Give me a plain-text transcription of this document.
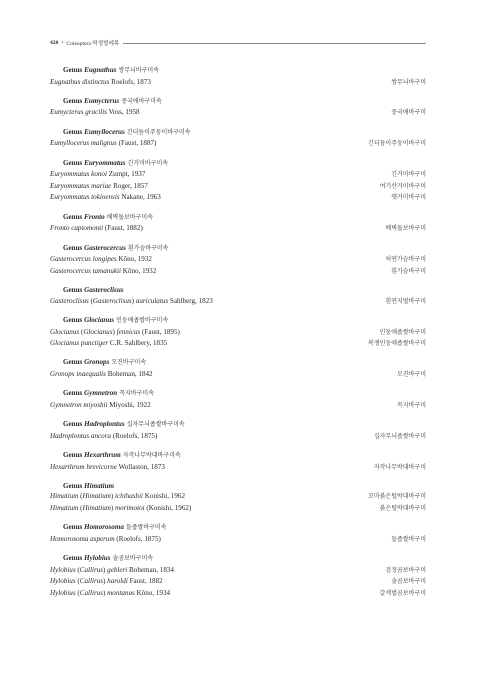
420 • Coleoptera 딱정벌레목
Genus Eugnathus 쌍무늬바구미속
Eugnathus distinctus Roelofs, 1873	쌍무늬바구미
Genus Eumycterus 중국애바구미속
Eumycterus gracilis Voss, 1958	중국애바구미
Genus Eumyllocerus 긴더듬이주둥이바구미속
Eumyllocerus malignus (Faust, 1887)	긴더듬이주둥이바구미
Genus Euryommatus 긴거미바구미속
Euryommatus konoi Zumpt, 1937	긴거미바구미
Euryommatus mariae Roger, 1857	여기산거미바구미
Euryommatus tokioensis Nakane, 1963	옛거미바구미
Genus Fronto 배벽돌보바구미속
Fronto capiomonti (Faust, 1882)	배벽돌보바구미
Genus Gasterocercus 흰가슴바구미속
Gasterocercus longipes Kôno, 1932	허연가슴바구미
Gasterocercus tamanukii Kôno, 1932	흰가슴바구미
Genus Gasteroclisus
Gasteroclisus (Gasteroclisus) auriculatus Sahlberg, 1823	흰연지벌바구미
Genus Glocianus 민둥애좁쌀바구미속
Glocianus (Glocianus) fennicus (Faust, 1895)	민둥애좁쌀바구미
Glocianus punctiger C.R. Sahlbery, 1835	복쟁민둥애좁쌀바구미
Genus Gronops 모진바구미속
Gronops inaequalis Boheman, 1842	모진바구미
Genus Gymnetron 꼭지바구미속
Gymnetron miyoshii Miyoshi, 1922	꼭지바구미
Genus Hadroplontus 십자무늬좁쌀바구미속
Hadroplontus ancora (Roelofs, 1875)	십자무늬좁쌀바구미
Genus Hexarthrum 자작나무박대바구미속
Hexarthrum brevicorne Wollaston, 1873	자작나무박대바구미
Genus Himatium
Himatium (Himatium) ichihashii Konishi, 1962	꼬마붉은털박대바구미
Himatium (Himatium) morimotoi (Konishi, 1962)	붉은털박대바구미
Genus Homorosoma 들좁쌀바구미속
Homorosoma asperum (Roelofs, 1875)	들좁쌀바구미
Genus Hylobius 솔곰보바구미속
Hylobius (Callirus) gebleri Boheman, 1834	검정곰보바구미
Hylobius (Callirus) haroldi Faust, 1882	솔곰보바구미
Hylobius (Callirus) montanus Kôno, 1934	갈색벌곰보바구미
